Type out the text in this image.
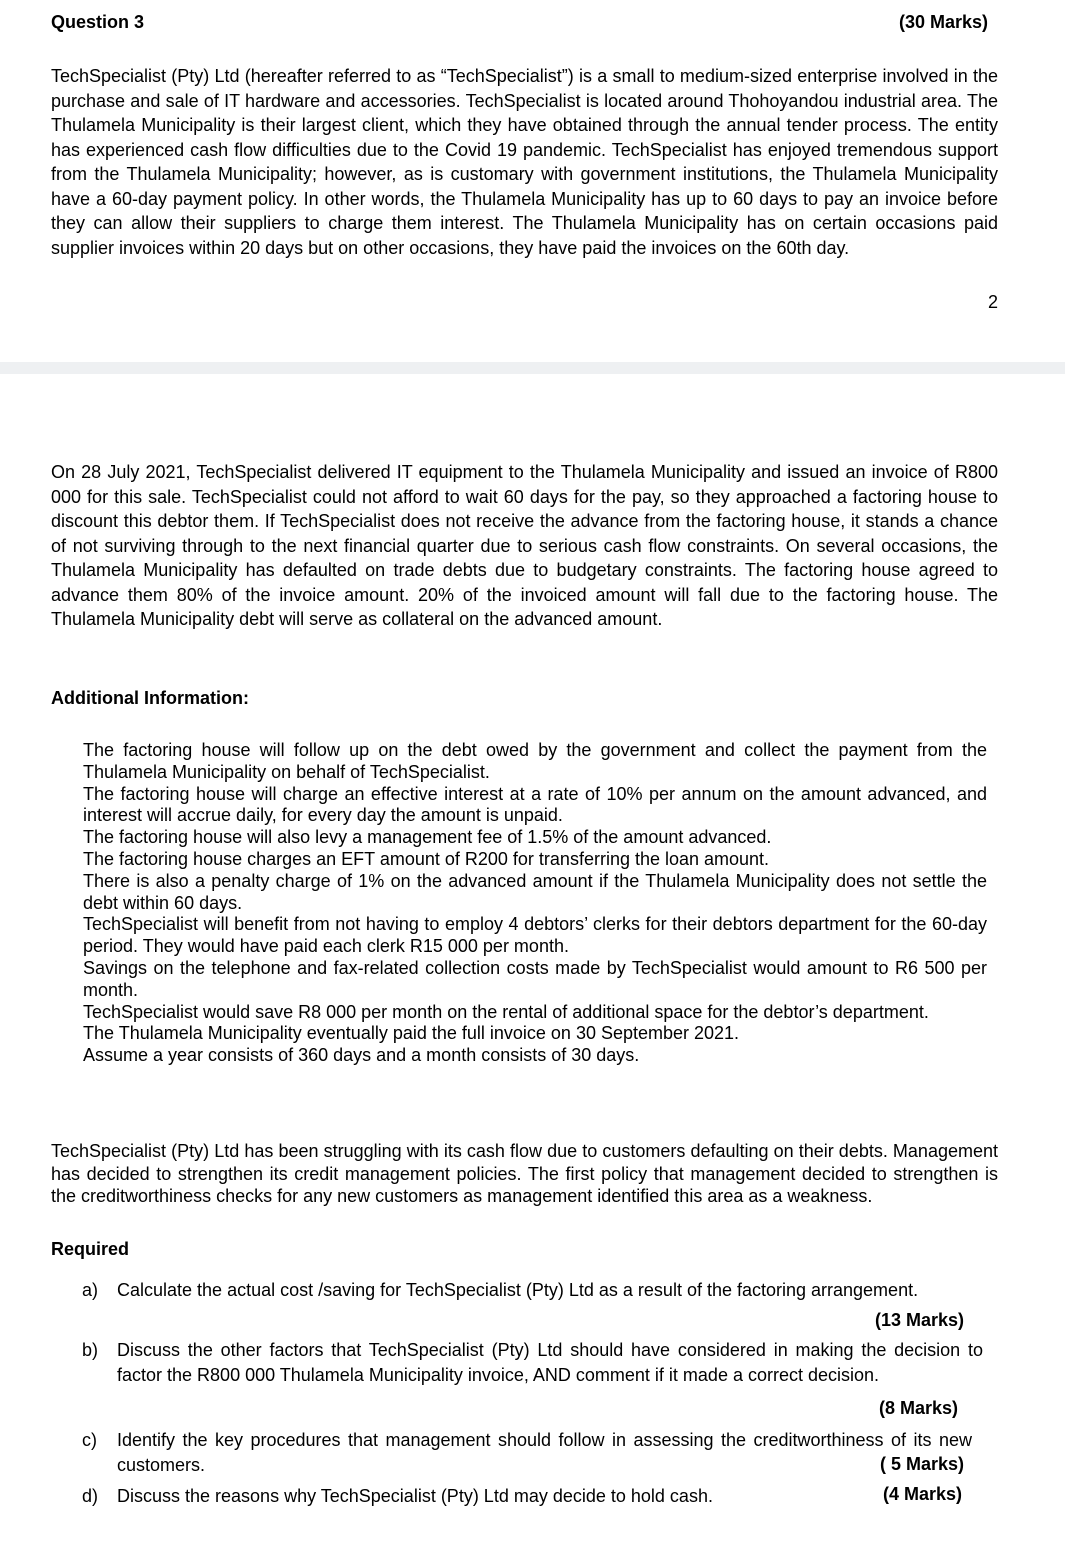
Question 3	(30 Marks)

TechSpecialist (Pty) Ltd (hereafter referred to as “TechSpecialist”) is a small to medium-sized enterprise involved in the purchase and sale of IT hardware and accessories. TechSpecialist is located around Thohoyandou industrial area. The Thulamela Municipality is their largest client, which they have obtained through the annual tender process. The entity has experienced cash flow difficulties due to the Covid 19 pandemic. TechSpecialist has enjoyed tremendous support from the Thulamela Municipality; however, as is customary with government institutions, the Thulamela Municipality have a 60-day payment policy. In other words, the Thulamela Municipality has up to 60 days to pay an invoice before they can allow their suppliers to charge them interest. The Thulamela Municipality has on certain occasions paid supplier invoices within 20 days but on other occasions, they have paid the invoices on the 60th day.

2

On 28 July 2021, TechSpecialist delivered IT equipment to the Thulamela Municipality and issued an invoice of R800 000 for this sale. TechSpecialist could not afford to wait 60 days for the pay, so they approached a factoring house to discount this debtor them. If TechSpecialist does not receive the advance from the factoring house, it stands a chance of not surviving through to the next financial quarter due to serious cash flow constraints. On several occasions, the Thulamela Municipality has defaulted on trade debts due to budgetary constraints. The factoring house agreed to advance them 80% of the invoice amount. 20% of the invoiced amount will fall due to the factoring house. The Thulamela Municipality debt will serve as collateral on the advanced amount.

Additional Information:
The factoring house will follow up on the debt owed by the government and collect the payment from the Thulamela Municipality on behalf of TechSpecialist.
The factoring house will charge an effective interest at a rate of 10% per annum on the amount advanced, and interest will accrue daily, for every day the amount is unpaid.
The factoring house will also levy a management fee of 1.5% of the amount advanced.
The factoring house charges an EFT amount of R200 for transferring the loan amount.
There is also a penalty charge of 1% on the advanced amount if the Thulamela Municipality does not settle the debt within 60 days.
TechSpecialist will benefit from not having to employ 4 debtors’ clerks for their debtors department for the 60-day period. They would have paid each clerk R15 000 per month.
Savings on the telephone and fax-related collection costs made by TechSpecialist would amount to R6 500 per month.
TechSpecialist would save R8 000 per month on the rental of additional space for the debtor’s department.
The Thulamela Municipality eventually paid the full invoice on 30 September 2021.
Assume a year consists of 360 days and a month consists of 30 days.

TechSpecialist (Pty) Ltd has been struggling with its cash flow due to customers defaulting on their debts. Management has decided to strengthen its credit management policies. The first policy that management decided to strengthen is the creditworthiness checks for any new customers as management identified this area as a weakness.

Required
a) Calculate the actual cost /saving for TechSpecialist (Pty) Ltd as a result of the factoring arrangement.
(13 Marks)
b) Discuss the other factors that TechSpecialist (Pty) Ltd should have considered in making the decision to factor the R800 000 Thulamela Municipality invoice, AND comment if it made a correct decision.
(8 Marks)
c) Identify the key procedures that management should follow in assessing the creditworthiness of its new customers.	( 5 Marks)
d) Discuss the reasons why TechSpecialist (Pty) Ltd may decide to hold cash.	(4 Marks)
